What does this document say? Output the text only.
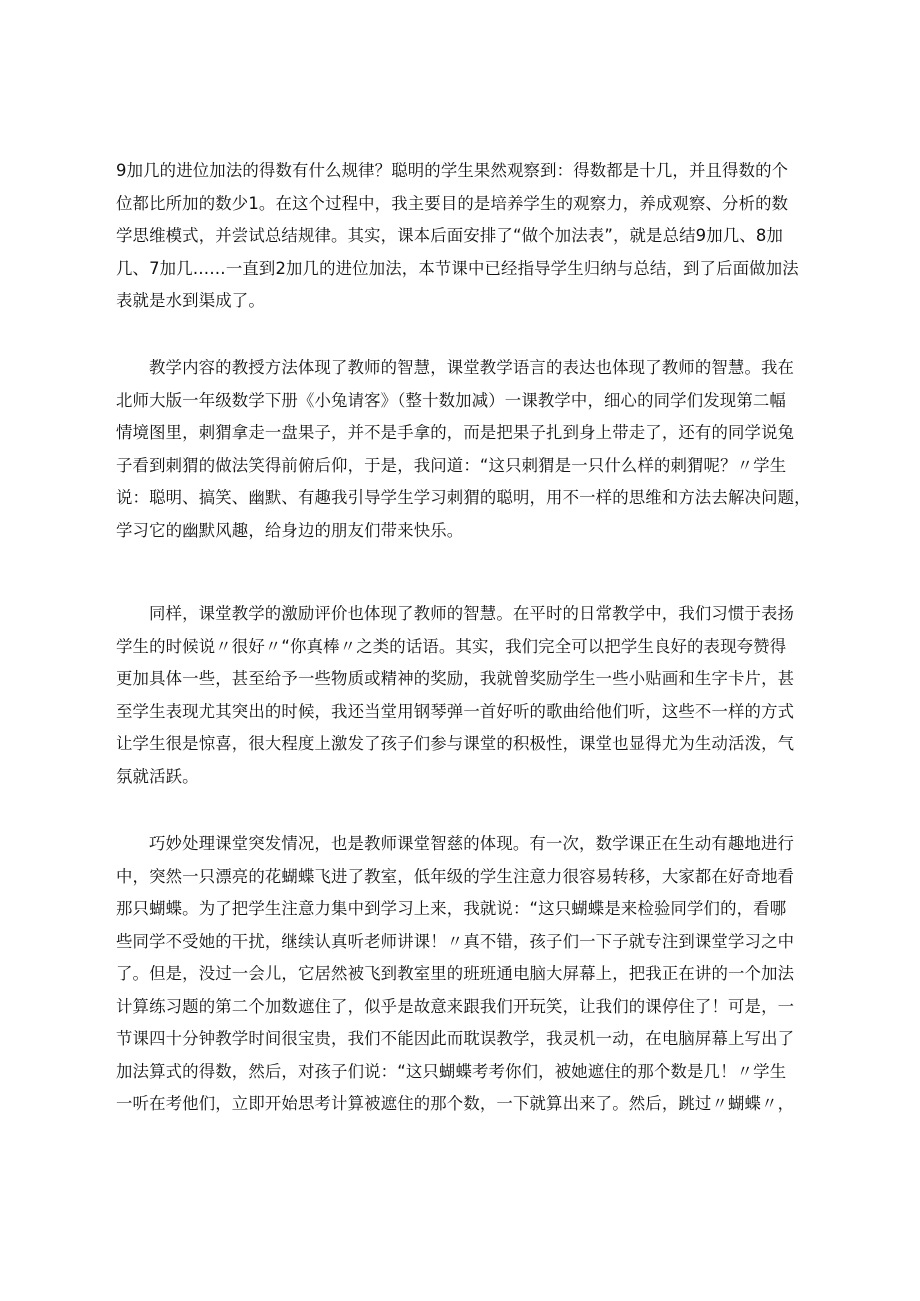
9加几的进位加法的得数有什么规律？聪明的学生果然观察到：得数都是十几，并且得数的个
位都比所加的数少1。在这个过程中，我主要目的是培养学生的观察力，养成观察、分析的数
学思维模式，并尝试总结规律。其实，课本后面安排了“做个加法表”，就是总结9加几、8加
几、7加几……一直到2加几的进位加法，本节课中已经指导学生归纳与总结，到了后面做加法
表就是水到渠成了。
教学内容的教授方法体现了教师的智慧，课堂教学语言的表达也体现了教师的智慧。我在
北师大版一年级数学下册《小兔请客》（整十数加减）一课教学中，细心的同学们发现第二幅
情境图里，刺猬拿走一盘果子，并不是手拿的，而是把果子扎到身上带走了，还有的同学说兔
子看到刺猬的做法笑得前俯后仰，于是，我问道：“这只刺猬是一只什么样的刺猬呢？〃学生
说：聪明、搞笑、幽默、有趣我引导学生学习刺猬的聪明，用不一样的思维和方法去解决问题，
学习它的幽默风趣，给身边的朋友们带来快乐。
同样，课堂教学的激励评价也体现了教师的智慧。在平时的日常教学中，我们习惯于表扬
学生的时候说〃很好〃“你真棒〃之类的话语。其实，我们完全可以把学生良好的表现夸赞得
更加具体一些，甚至给予一些物质或精神的奖励，我就曾奖励学生一些小贴画和生字卡片，甚
至学生表现尤其突出的时候，我还当堂用钢琴弹一首好听的歌曲给他们听，这些不一样的方式
让学生很是惊喜，很大程度上激发了孩子们参与课堂的积极性，课堂也显得尤为生动活泼，气
氛就活跃。
巧妙处理课堂突发情况，也是教师课堂智慈的体现。有一次，数学课正在生动有趣地进行
中，突然一只漂亮的花蝴蝶飞进了教室，低年级的学生注意力很容易转移，大家都在好奇地看
那只蝴蝶。为了把学生注意力集中到学习上来，我就说：“这只蝴蝶是来检验同学们的，看哪
些同学不受她的干扰，继续认真听老师讲课！〃真不错，孩子们一下子就专注到课堂学习之中
了。但是，没过一会儿，它居然被飞到教室里的班班通电脑大屏幕上，把我正在讲的一个加法
计算练习题的第二个加数遮住了，似乎是故意来跟我们开玩笑，让我们的课停住了！可是，一
节课四十分钟教学时间很宝贵，我们不能因此而耽误教学，我灵机一动，在电脑屏幕上写出了
加法算式的得数，然后，对孩子们说：“这只蝴蝶考考你们，被她遮住的那个数是几！〃学生
一听在考他们，立即开始思考计算被遮住的那个数，一下就算出来了。然后，跳过〃蝴蝶〃，
